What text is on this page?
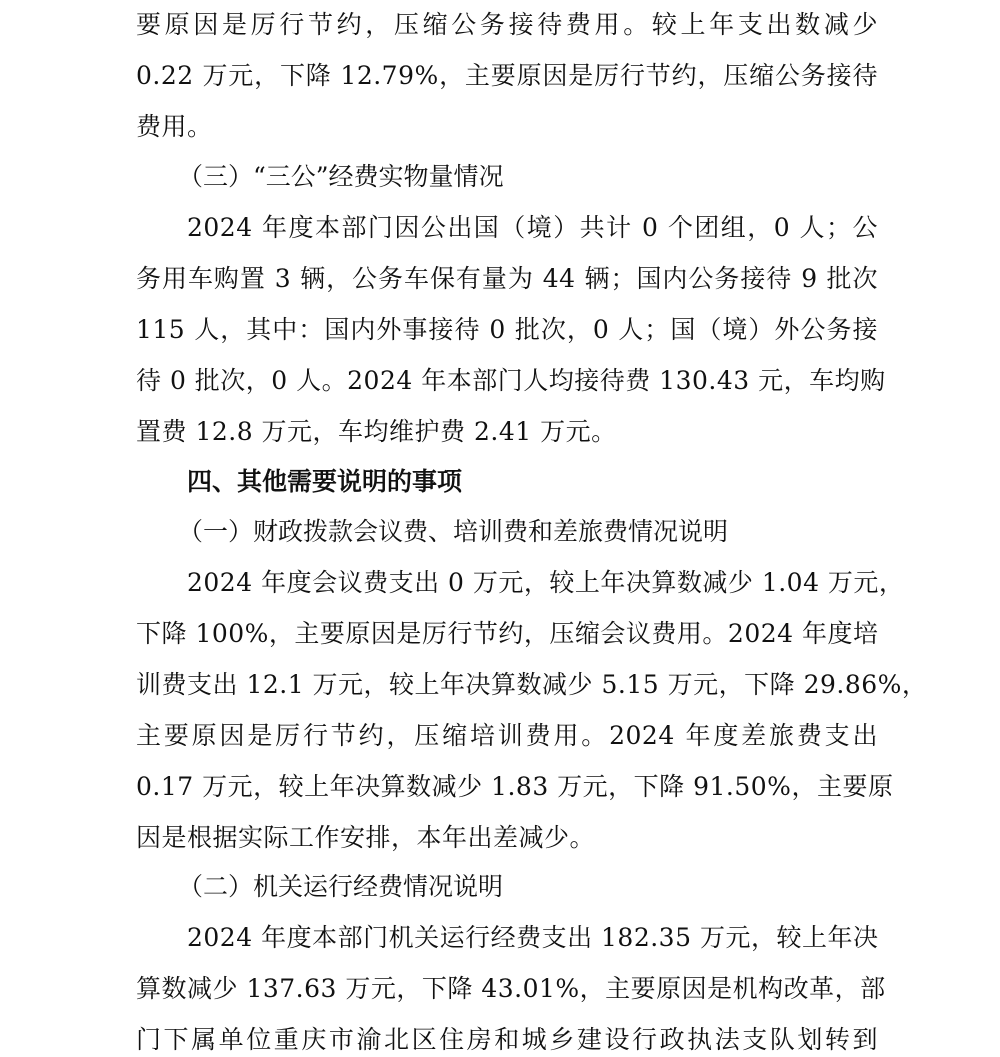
要原因是厉行节约，压缩公务接待费用。较上年支出数减少
0.22 万元，下降 12.79%，主要原因是厉行节约，压缩公务接待
费用。
（三）“三公”经费实物量情况
2024 年度本部门因公出国（境）共计 0 个团组，0 人；公
务用车购置 3 辆，公务车保有量为 44 辆；国内公务接待 9 批次
115 人，其中：国内外事接待 0 批次，0 人；国（境）外公务接
待 0 批次，0 人。2024 年本部门人均接待费 130.43 元，车均购
置费 12.8 万元，车均维护费 2.41 万元。
四、其他需要说明的事项
（一）财政拨款会议费、培训费和差旅费情况说明
2024 年度会议费支出 0 万元，较上年决算数减少 1.04 万元，
下降 100%，主要原因是厉行节约，压缩会议费用。2024 年度培
训费支出 12.1 万元，较上年决算数减少 5.15 万元，下降 29.86%，
主要原因是厉行节约，压缩培训费用。2024 年度差旅费支出
0.17 万元，较上年决算数减少 1.83 万元，下降 91.50%，主要原
因是根据实际工作安排，本年出差减少。
（二）机关运行经费情况说明
2024 年度本部门机关运行经费支出 182.35 万元，较上年决
算数减少 137.63 万元，下降 43.01%，主要原因是机构改革，部
门下属单位重庆市渝北区住房和城乡建设行政执法支队划转到
